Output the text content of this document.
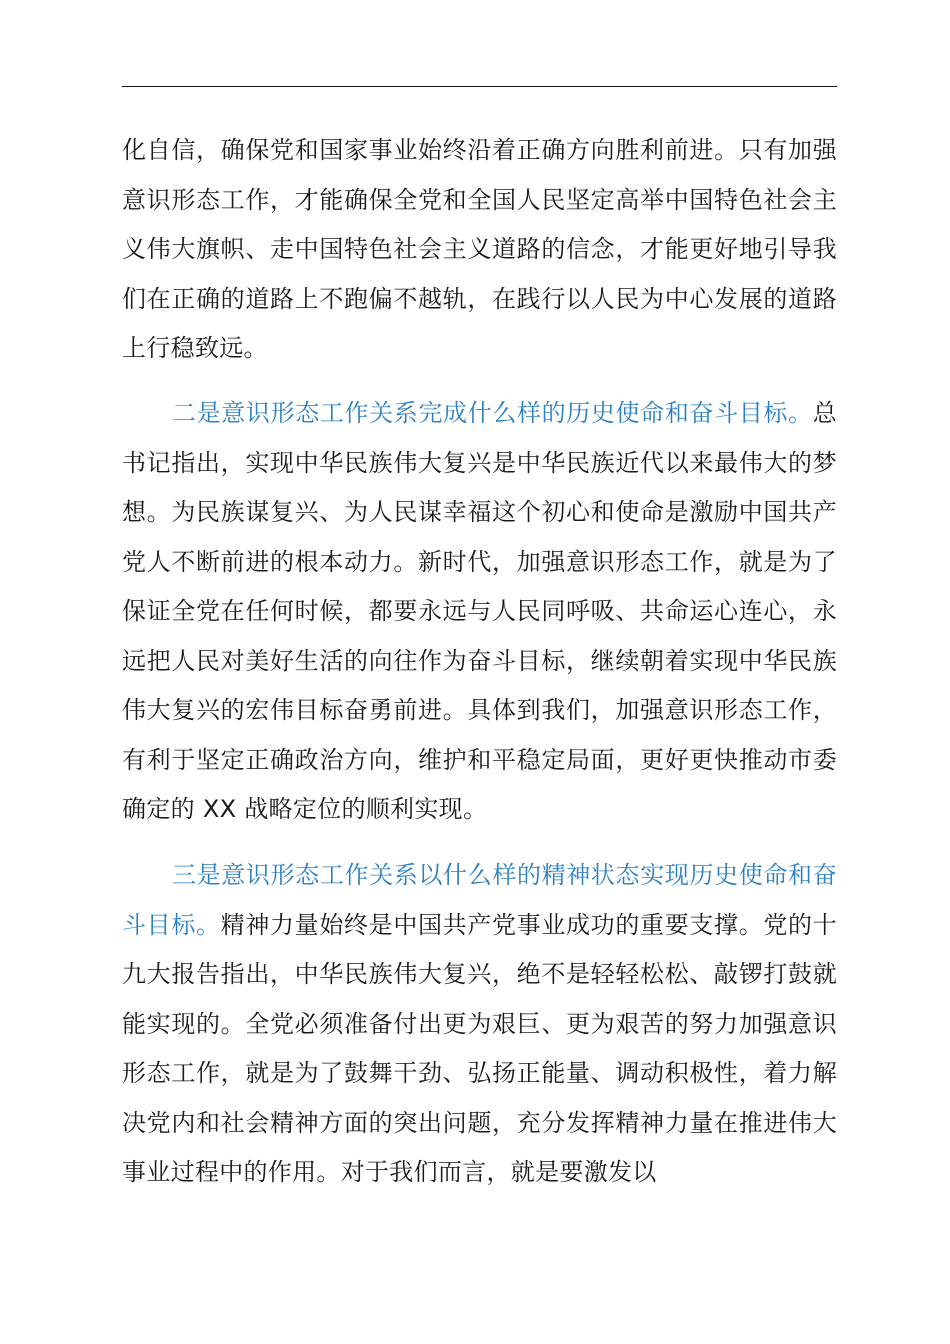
化自信，确保党和国家事业始终沿着正确方向胜利前进。只有加强意识形态工作，才能确保全党和全国人民坚定高举中国特色社会主义伟大旗帜、走中国特色社会主义道路的信念，才能更好地引导我们在正确的道路上不跑偏不越轨，在践行以人民为中心发展的道路上行稳致远。

二是意识形态工作关系完成什么样的历史使命和奋斗目标。总书记指出，实现中华民族伟大复兴是中华民族近代以来最伟大的梦想。为民族谋复兴、为人民谋幸福这个初心和使命是激励中国共产党人不断前进的根本动力。新时代，加强意识形态工作，就是为了保证全党在任何时候，都要永远与人民同呼吸、共命运心连心，永远把人民对美好生活的向往作为奋斗目标，继续朝着实现中华民族伟大复兴的宏伟目标奋勇前进。具体到我们，加强意识形态工作，有利于坚定正确政治方向，维护和平稳定局面，更好更快推动市委确定的 XX 战略定位的顺利实现。

三是意识形态工作关系以什么样的精神状态实现历史使命和奋斗目标。精神力量始终是中国共产党事业成功的重要支撑。党的十九大报告指出，中华民族伟大复兴，绝不是轻轻松松、敲锣打鼓就能实现的。全党必须准备付出更为艰巨、更为艰苦的努力加强意识形态工作，就是为了鼓舞干劲、弘扬正能量、调动积极性，着力解决党内和社会精神方面的突出问题，充分发挥精神力量在推进伟大事业过程中的作用。对于我们而言，就是要激发以
